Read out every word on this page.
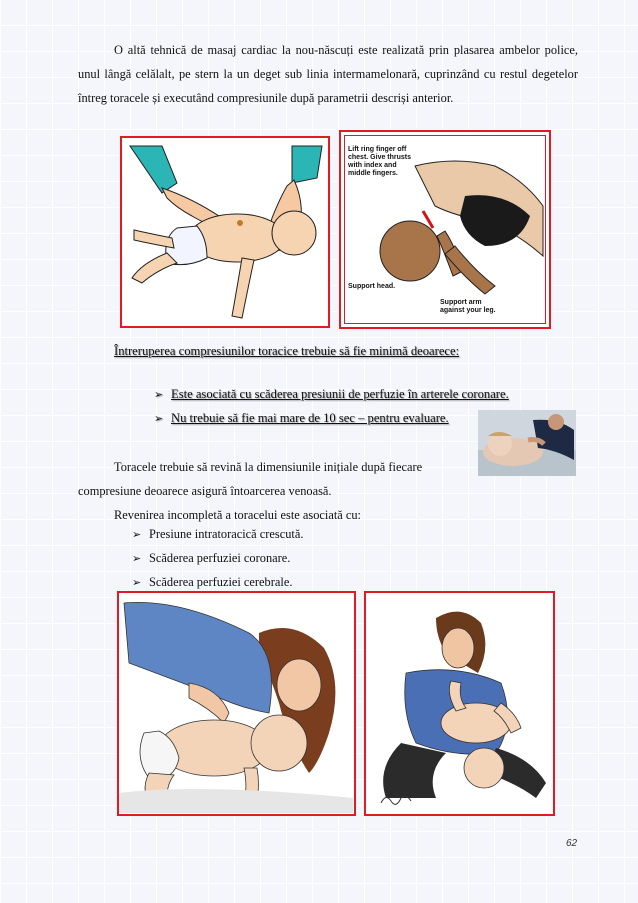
O altă tehnică de masaj cardiac la nou-născuți este realizată prin plasarea ambelor police, unul lângă celălalt, pe stern la un deget sub linia intermamelonară, cuprinzând cu restul degetelor întreg toracele și executând compresiunile după parametrii descriși anterior.

Lift ring finger off chest. Give thrusts with index and middle fingers.
Support head.
Support arm against your leg.
Întreruperea compresiunilor toracice trebuie să fie minimă deoarece:
➢ Este asociată cu scăderea presiunii de perfuzie în arterele coronare.
➢ Nu trebuie să fie mai mare de 10 sec – pentru evaluare.
Toracele trebuie să revină la dimensiunile inițiale după fiecare
compresiune deoarece asigură întoarcerea venoasă.
Revenirea incompletă a toracelui este asociată cu:
➢ Presiune intratoracică crescută.
➢ Scăderea perfuziei coronare.
➢ Scăderea perfuziei cerebrale.
62
